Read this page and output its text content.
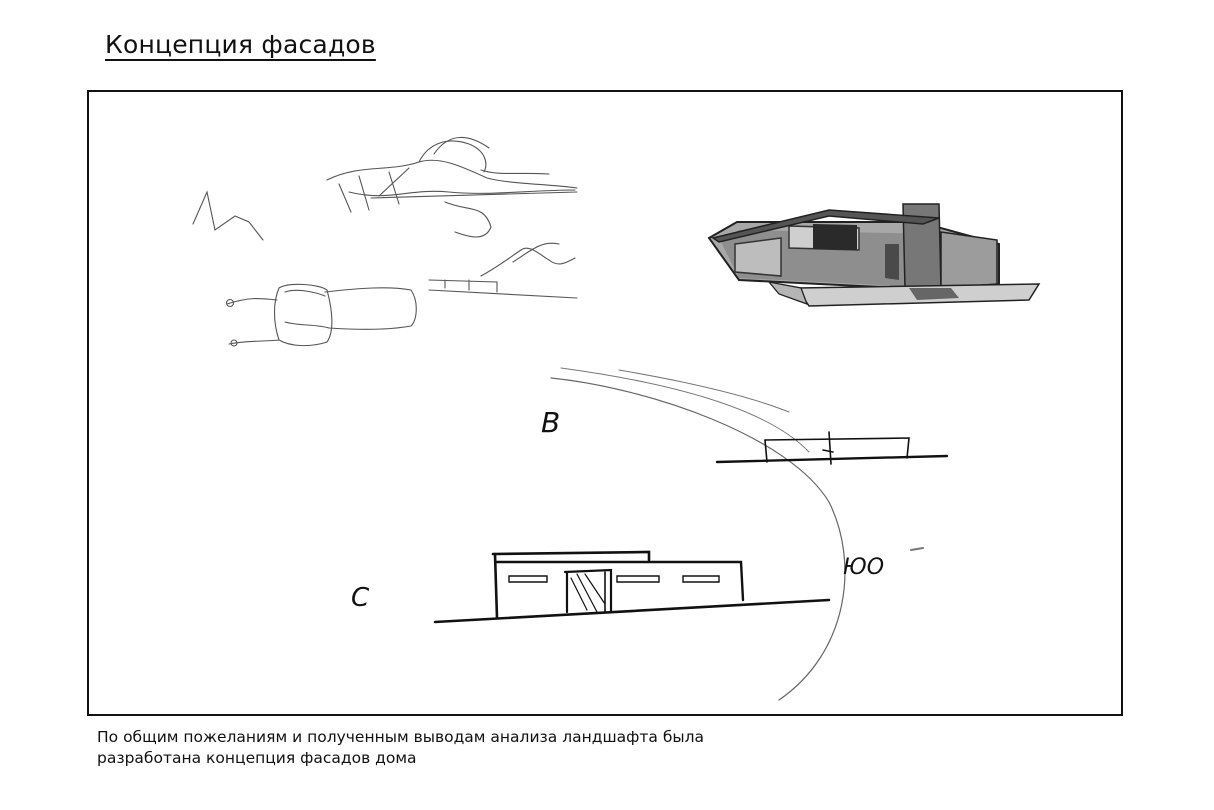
Концепция фасадов
В
ЮО
С
По общим пожеланиям и полученным выводам анализа ландшафта была
разработана концепция фасадов дома
